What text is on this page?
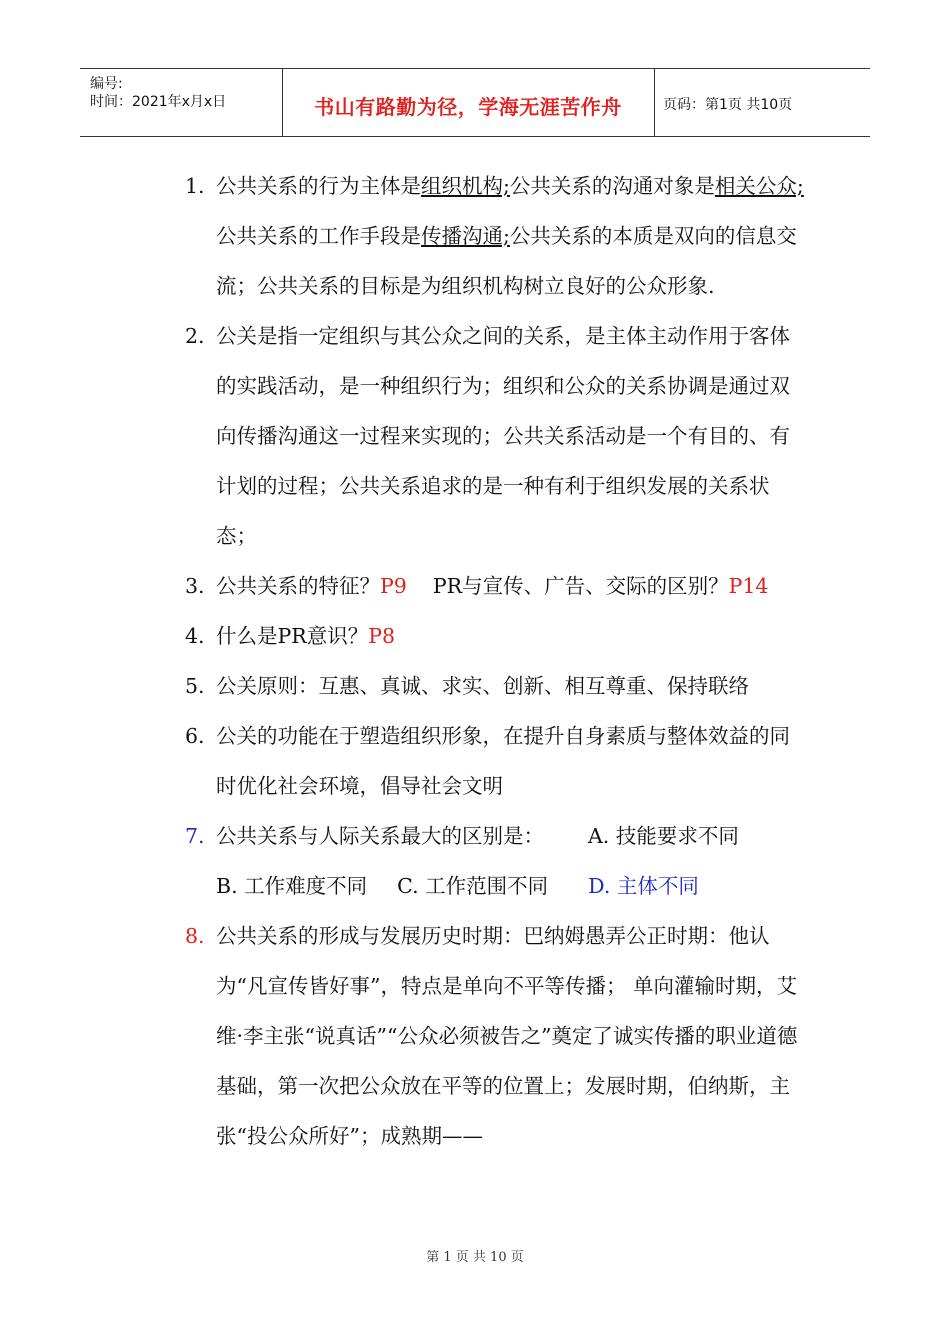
编号:
时间：2021年x月x日	书山有路勤为径，学海无涯苦作舟	页码：第1页 共10页
1. 公共关系的行为主体是组织机构;公共关系的沟通对象是相关公众;公共关系的工作手段是传播沟通;公共关系的本质是双向的信息交流；公共关系的目标是为组织机构树立良好的公众形象.
2. 公关是指一定组织与其公众之间的关系，是主体主动作用于客体的实践活动，是一种组织行为；组织和公众的关系协调是通过双向传播沟通这一过程来实现的；公共关系活动是一个有目的、有计划的过程；公共关系追求的是一种有利于组织发展的关系状态；
3. 公共关系的特征？P9 PR与宣传、广告、交际的区别？P14
4. 什么是PR意识？P8
5. 公关原则：互惠、真诚、求实、创新、相互尊重、保持联络
6. 公关的功能在于塑造组织形象，在提升自身素质与整体效益的同时优化社会环境，倡导社会文明
7. 公共关系与人际关系最大的区别是： A. 技能要求不同
B. 工作难度不同 C. 工作范围不同 D. 主体不同
8. 公共关系的形成与发展历史时期：巴纳姆愚弄公正时期：他认为“凡宣传皆好事”，特点是单向不平等传播； 单向灌输时期，艾维·李主张“说真话”“公众必须被告之”奠定了诚实传播的职业道德基础，第一次把公众放在平等的位置上；发展时期，伯纳斯，主张“投公众所好”；成熟期——
第 1 页 共 10 页
